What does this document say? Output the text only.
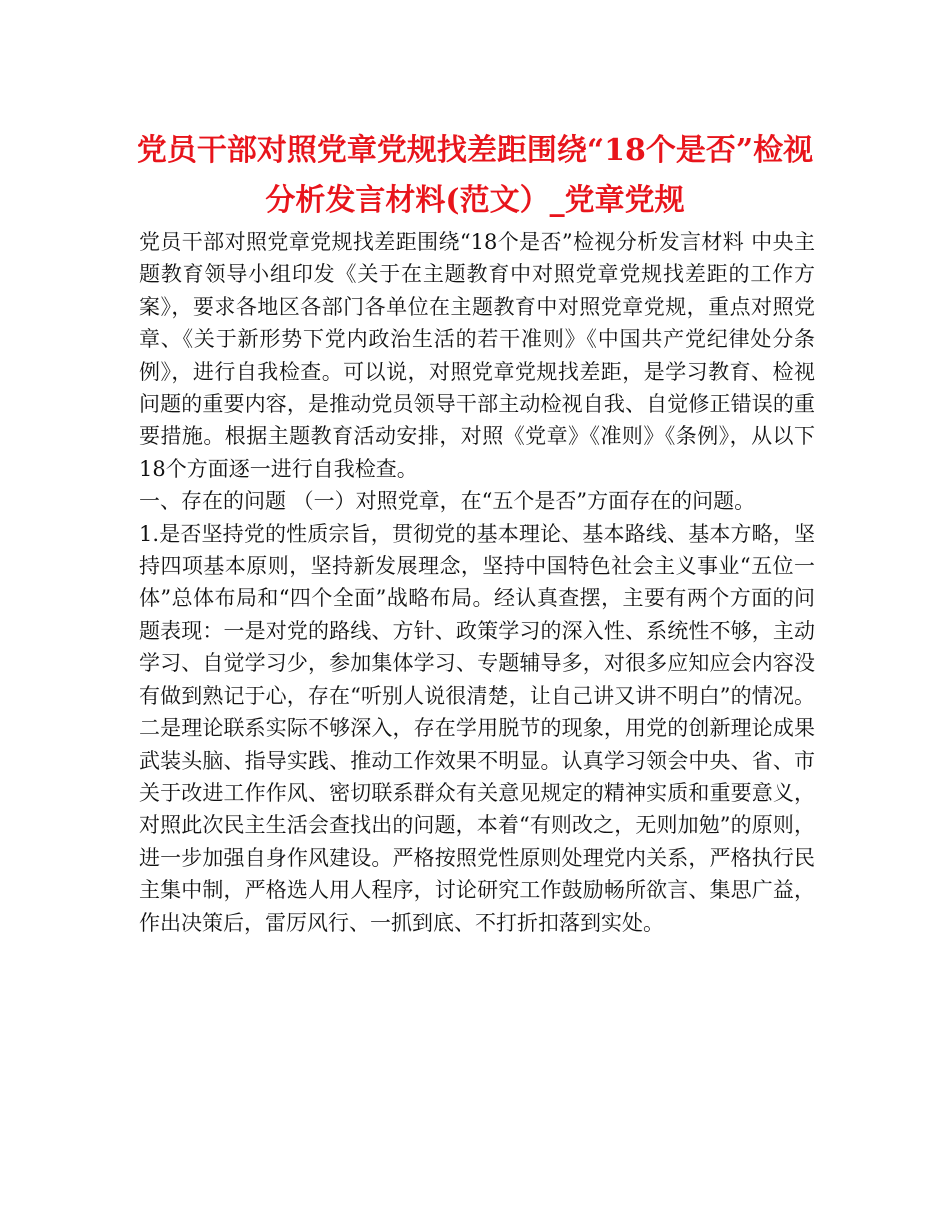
党员干部对照党章党规找差距围绕“18个是否”检视
分析发言材料(范文）_党章党规

党员干部对照党章党规找差距围绕“18个是否”检视分析发言材料 中央主题教育领导小组印发《关于在主题教育中对照党章党规找差距的工作方案》，要求各地区各部门各单位在主题教育中对照党章党规，重点对照党章、《关于新形势下党内政治生活的若干准则》《中国共产党纪律处分条例》，进行自我检查。可以说，对照党章党规找差距，是学习教育、检视问题的重要内容，是推动党员领导干部主动检视自我、自觉修正错误的重要措施。根据主题教育活动安排，对照《党章》《准则》《条例》，从以下18个方面逐一进行自我检查。

一、存在的问题 （一）对照党章，在“五个是否”方面存在的问题。

1.是否坚持党的性质宗旨，贯彻党的基本理论、基本路线、基本方略，坚持四项基本原则，坚持新发展理念，坚持中国特色社会主义事业“五位一体”总体布局和“四个全面”战略布局。经认真查摆，主要有两个方面的问题表现：一是对党的路线、方针、政策学习的深入性、系统性不够，主动学习、自觉学习少，参加集体学习、专题辅导多，对很多应知应会内容没有做到熟记于心，存在“听别人说很清楚，让自己讲又讲不明白”的情况。二是理论联系实际不够深入，存在学用脱节的现象，用党的创新理论成果武装头脑、指导实践、推动工作效果不明显。认真学习领会中央、省、市关于改进工作作风、密切联系群众有关意见规定的精神实质和重要意义，对照此次民主生活会查找出的问题，本着“有则改之，无则加勉”的原则，进一步加强自身作风建设。严格按照党性原则处理党内关系，严格执行民主集中制，严格选人用人程序，讨论研究工作鼓励畅所欲言、集思广益，作出决策后，雷厉风行、一抓到底、不打折扣落到实处。
